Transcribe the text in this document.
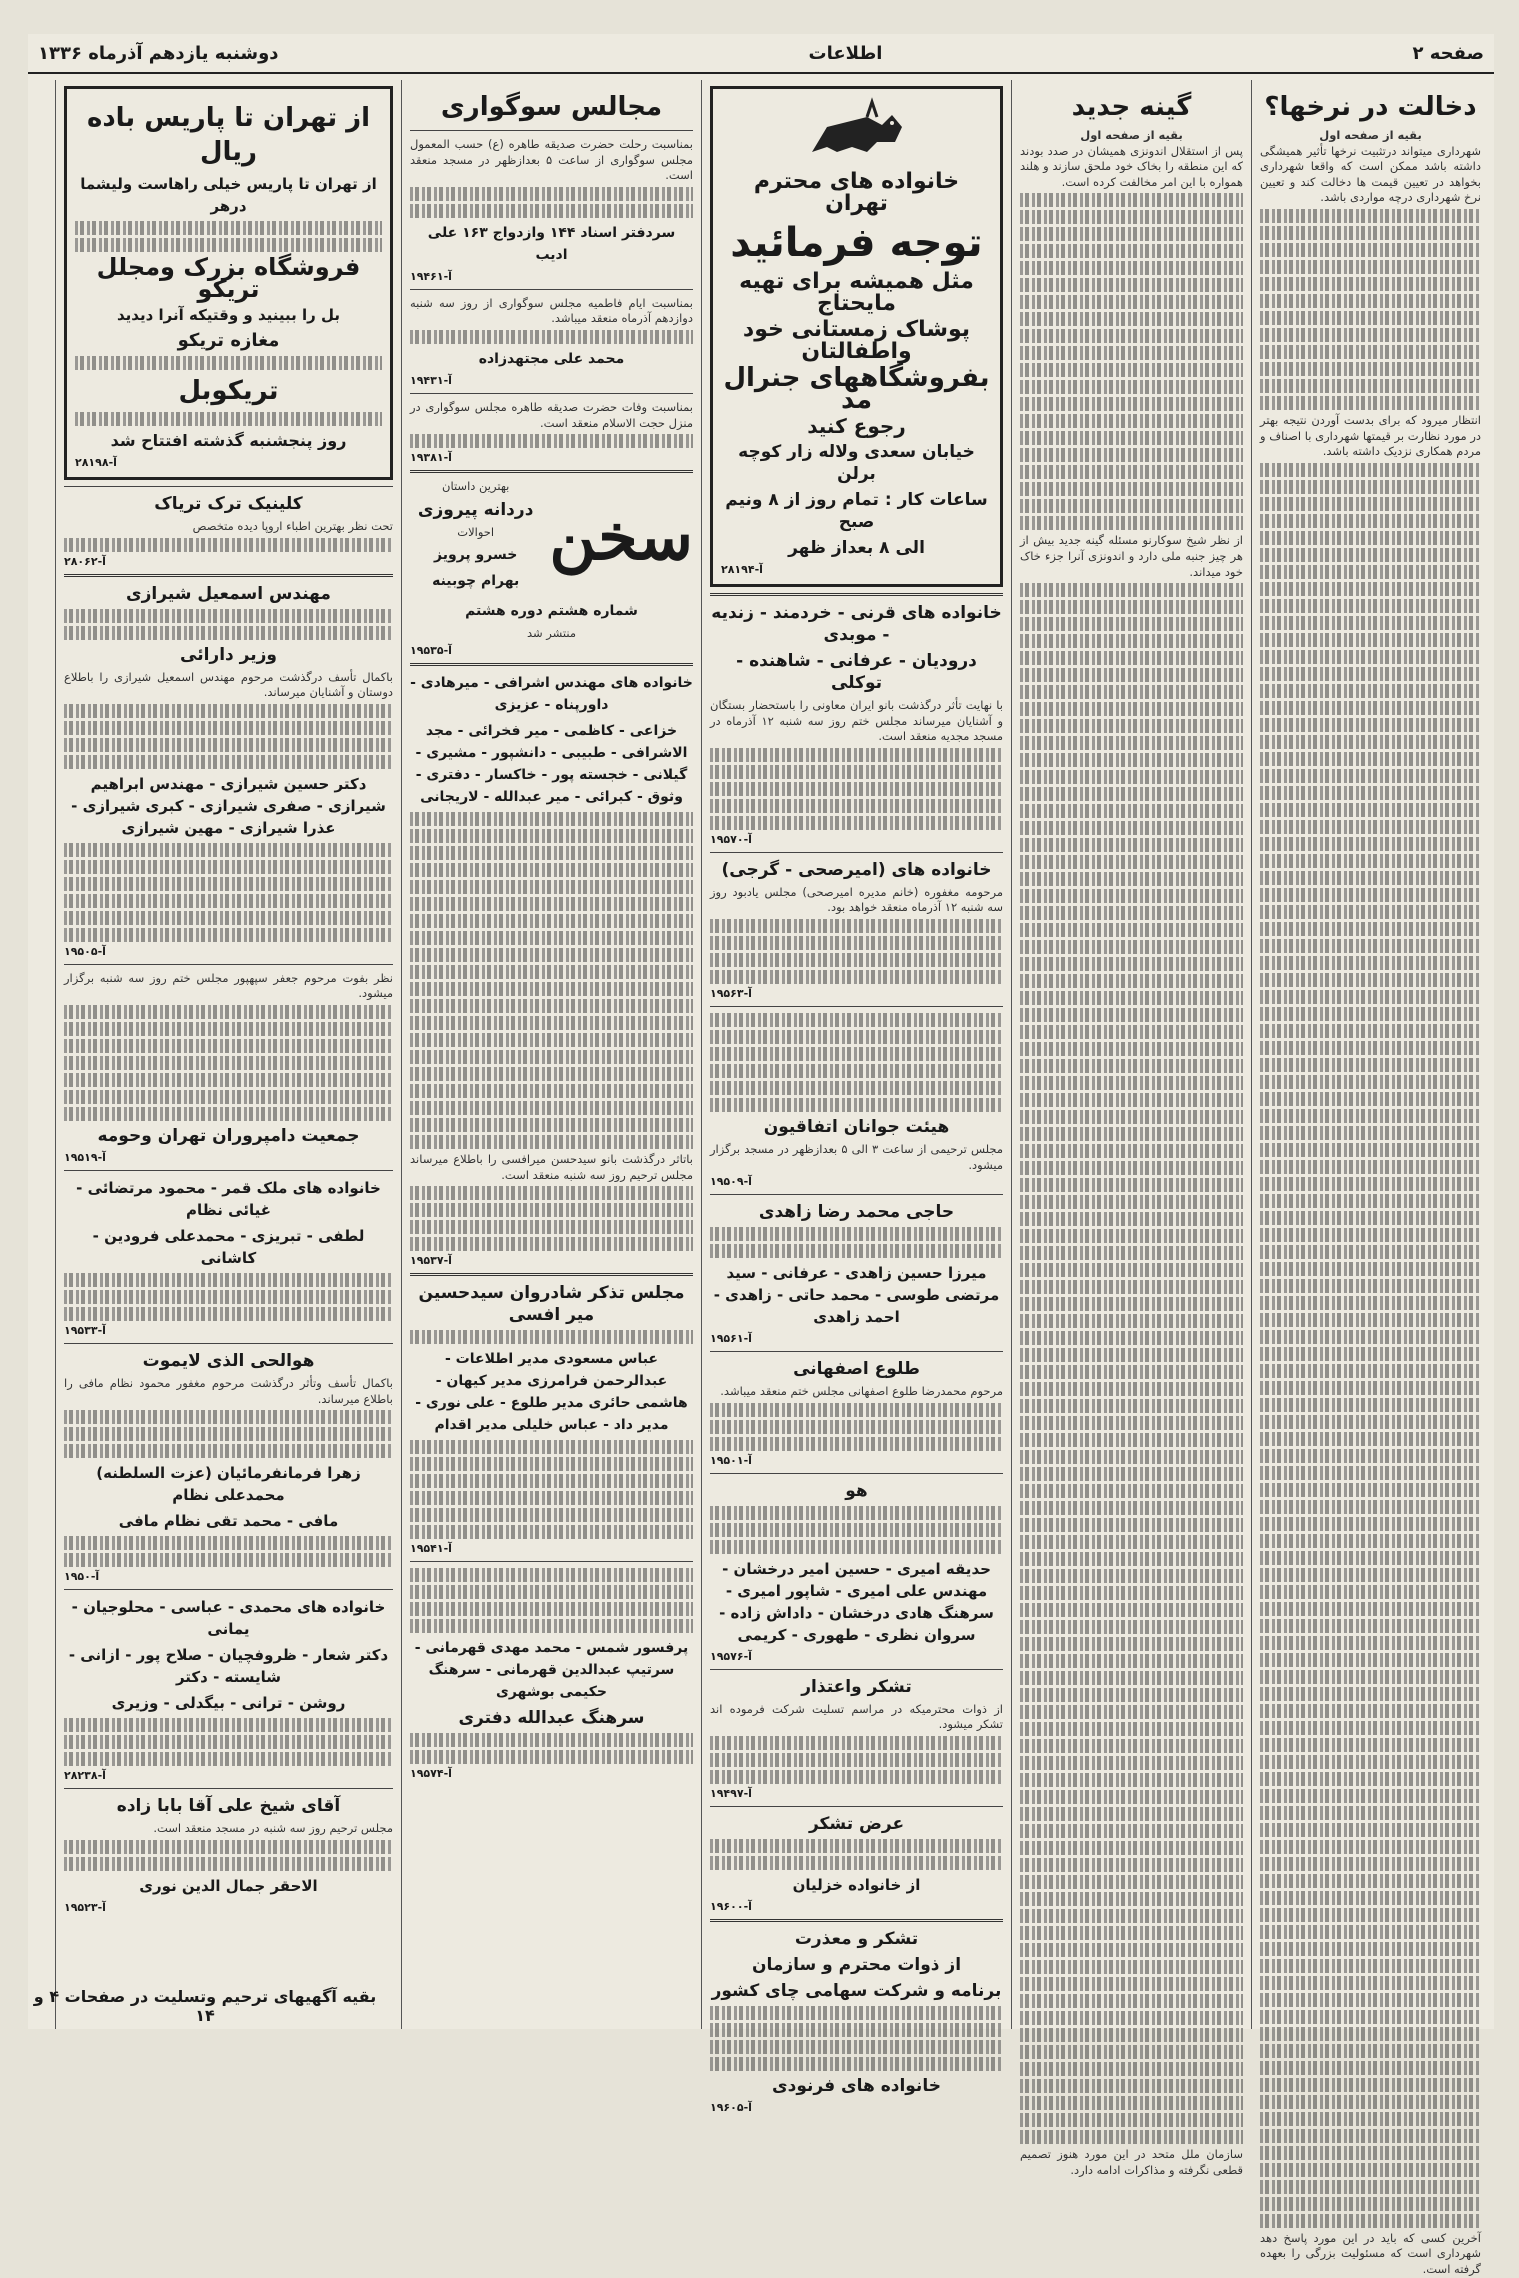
صفحه ۲
اطلاعات
دوشنبه یازدهم آذرماه ۱۳۳۶
دخالت در نرخها؟
بقیه از صفحه اول
شهرداری میتواند درتثبیت نرخها تأثیر همیشگی داشته باشد ممکن است که واقعا شهرداری بخواهد در تعیین قیمت ها دخالت کند و تعیین نرخ شهرداری درچه مواردی باشد.
انتظار میرود که برای بدست آوردن نتیجه بهتر در مورد نظارت بر قیمتها شهرداری با اصناف و مردم همکاری نزدیک داشته باشد.
آخرین کسی که باید در این مورد پاسخ دهد شهرداری است که مسئولیت بزرگی را بعهده گرفته است.
گینه جدید
بقیه از صفحه اول
پس از استقلال اندونزی همیشان در صدد بودند که این منطقه را بخاک خود ملحق سازند و هلند همواره با این امر مخالفت کرده است.
از نظر شیخ سوکارنو مسئله گینه جدید بیش از هر چیز جنبه ملی دارد و اندونزی آنرا جزء خاک خود میداند.
سازمان ملل متحد در این مورد هنوز تصمیم قطعی نگرفته و مذاکرات ادامه دارد.
خانواده های محترم تهران
توجه فرمائید
مثل همیشه برای تهیه مایحتاج
پوشاک زمستانی خود واطفالتان
بفروشگاههای جنرال مد
رجوع کنید
خیابان سعدی ولاله زار کوچه برلن
ساعات کار : تمام روز از ۸ ونیم صبح
الی ۸ بعداز ظهر
آ-۲۸۱۹۴
خانواده های قرنی - خردمند - زندیه - موبدی
درودیان - عرفانی - شاهنده - توکلی
با نهایت تأثر درگذشت بانو ایران معاونی را باستحضار بستگان و آشنایان میرساند مجلس ختم روز سه شنبه ۱۲ آذرماه در مسجد مجدیه منعقد است.
آ-۱۹۵۷۰
خانواده های (امیرصحی - گرجی)
مرحومه مغفوره (خانم مدیره امیرصحی) مجلس یادبود روز سه شنبه ۱۲ آذرماه منعقد خواهد بود.
آ-۱۹۵۶۳
هیئت جوانان اتفاقیون
مجلس ترحیمی از ساعت ۳ الی ۵ بعدازظهر در مسجد برگزار میشود.
آ-۱۹۵۰۹
حاجی محمد رضا زاهدی
میرزا حسین زاهدی - عرفانی - سید مرتضی طوسی - محمد حاتی - زاهدی - احمد زاهدی
آ-۱۹۵۶۱
طلوع اصفهانی
مرحوم محمدرضا طلوع اصفهانی مجلس ختم منعقد میباشد.
آ-۱۹۵۰۱
هو
حدیقه امیری - حسین امیر درخشان - مهندس علی امیری - شاپور امیری - سرهنگ هادی درخشان - داداش زاده - سروان نظری - طهوری - کریمی
آ-۱۹۵۷۶
تشکر واعتذار
از ذوات محترمیکه در مراسم تسلیت شرکت فرموده اند تشکر میشود.
آ-۱۹۴۹۷
عرض تشکر
از خانواده خزلیان
آ-۱۹۶۰۰
تشکر و معذرت
از ذوات محترم و سازمان
برنامه و شرکت سهامی چای کشور
خانواده های فرنودی
آ-۱۹۶۰۵
مجالس سوگواری
بمناسبت رحلت حضرت صدیقه طاهره (ع) حسب المعمول مجلس سوگواری از ساعت ۵ بعدازظهر در مسجد منعقد است.
سردفتر اسناد ۱۴۴ وازدواج ۱۶۳ علی ادیب
آ-۱۹۴۶۱
بمناسبت ایام فاطمیه مجلس سوگواری از روز سه شنبه دوازدهم آذرماه منعقد میباشد.
محمد علی مجتهدزاده
آ-۱۹۴۳۱
بمناسبت وفات حضرت صدیقه طاهره مجلس سوگواری در منزل حجت الاسلام منعقد است.
آ-۱۹۳۸۱
سخن
بهترین داستان
دردانه پیروزی
احوالات
خسرو پرویز
بهرام چوبینه
شماره هشتم دوره هشتم
منتشر شد
آ-۱۹۵۳۵
خانواده های مهندس اشرافی - میرهادی - داورپناه - عزیزی
خزاعی - کاظمی - میر فخرائی - مجد الاشرافی - طبیبی - دانشپور - مشیری - گیلانی - خجسته پور - خاکسار - دفتری - وثوق - کبرائی - میر عبدالله - لاریجانی
باتاثر درگذشت بانو سیدحسن میرافسی را باطلاع میرساند مجلس ترحیم روز سه شنبه منعقد است.
آ-۱۹۵۳۷
مجلس تذکر شادروان سیدحسین میر افسی
عباس مسعودی مدیر اطلاعات - عبدالرحمن فرامرزی مدیر کیهان - هاشمی حائری مدیر طلوع - علی نوری - مدیر داد - عباس خلیلی مدیر اقدام
آ-۱۹۵۴۱
پرفسور شمس - محمد مهدی قهرمانی - سرتیپ عبدالدین قهرمانی - سرهنگ حکیمی بوشهری
سرهنگ عبدالله دفتری
آ-۱۹۵۷۴
از تهران تا پاریس باده ریال
از تهران تا پاریس خیلی راهاست ولیشما درهر
فروشگاه بزرک ومجلل تریکو
بل را ببینید و وقتیکه آنرا دیدید
مغازه تریکو
تریکوبل
روز پنجشنبه گذشته افتتاح شد
آ-۲۸۱۹۸
کلینیک ترک تریاک
تحت نظر بهترین اطباء اروپا دیده متخصص
آ-۲۸۰۶۲
مهندس اسمعیل شیرازی
وزیر دارائی
باکمال تأسف درگذشت مرحوم مهندس اسمعیل شیرازی را باطلاع دوستان و آشنایان میرساند.
دکتر حسین شیرازی - مهندس ابراهیم شیرازی - صفری شیرازی - کبری شیرازی - عذرا شیرازی - مهین شیرازی
آ-۱۹۵۰۵
نظر بفوت مرحوم جعفر سپهپور مجلس ختم روز سه شنبه برگزار میشود.
جمعیت دامپروران تهران وحومه
آ-۱۹۵۱۹
خانواده های ملک قمر - محمود مرتضائی - غیائی نظام
لطفی - تبریزی - محمدعلی فرودین - کاشانی
آ-۱۹۵۳۳
هوالحی الذی لایموت
باکمال تأسف وتأثر درگذشت مرحوم مغفور محمود نظام مافی را باطلاع میرساند.
زهرا فرمانفرمائیان (عزت السلطنه) محمدعلی نظام
مافی - محمد تقی نظام مافی
آ-۱۹۵۰
خانواده های محمدی - عباسی - محلوجیان - یمانی
دکتر شعار - ظروفچیان - صلاح پور - ازانی - شایسته - دکتر
روشن - ترانی - بیگدلی - وزیری
آ-۲۸۲۳۸
آقای شیخ علی آقا بابا زاده
مجلس ترحیم روز سه شنبه در مسجد منعقد است.
الاحقر جمال الدین نوری
آ-۱۹۵۲۳
بقیه آگهیهای ترحیم وتسلیت در صفحات ۴ و ۱۴
